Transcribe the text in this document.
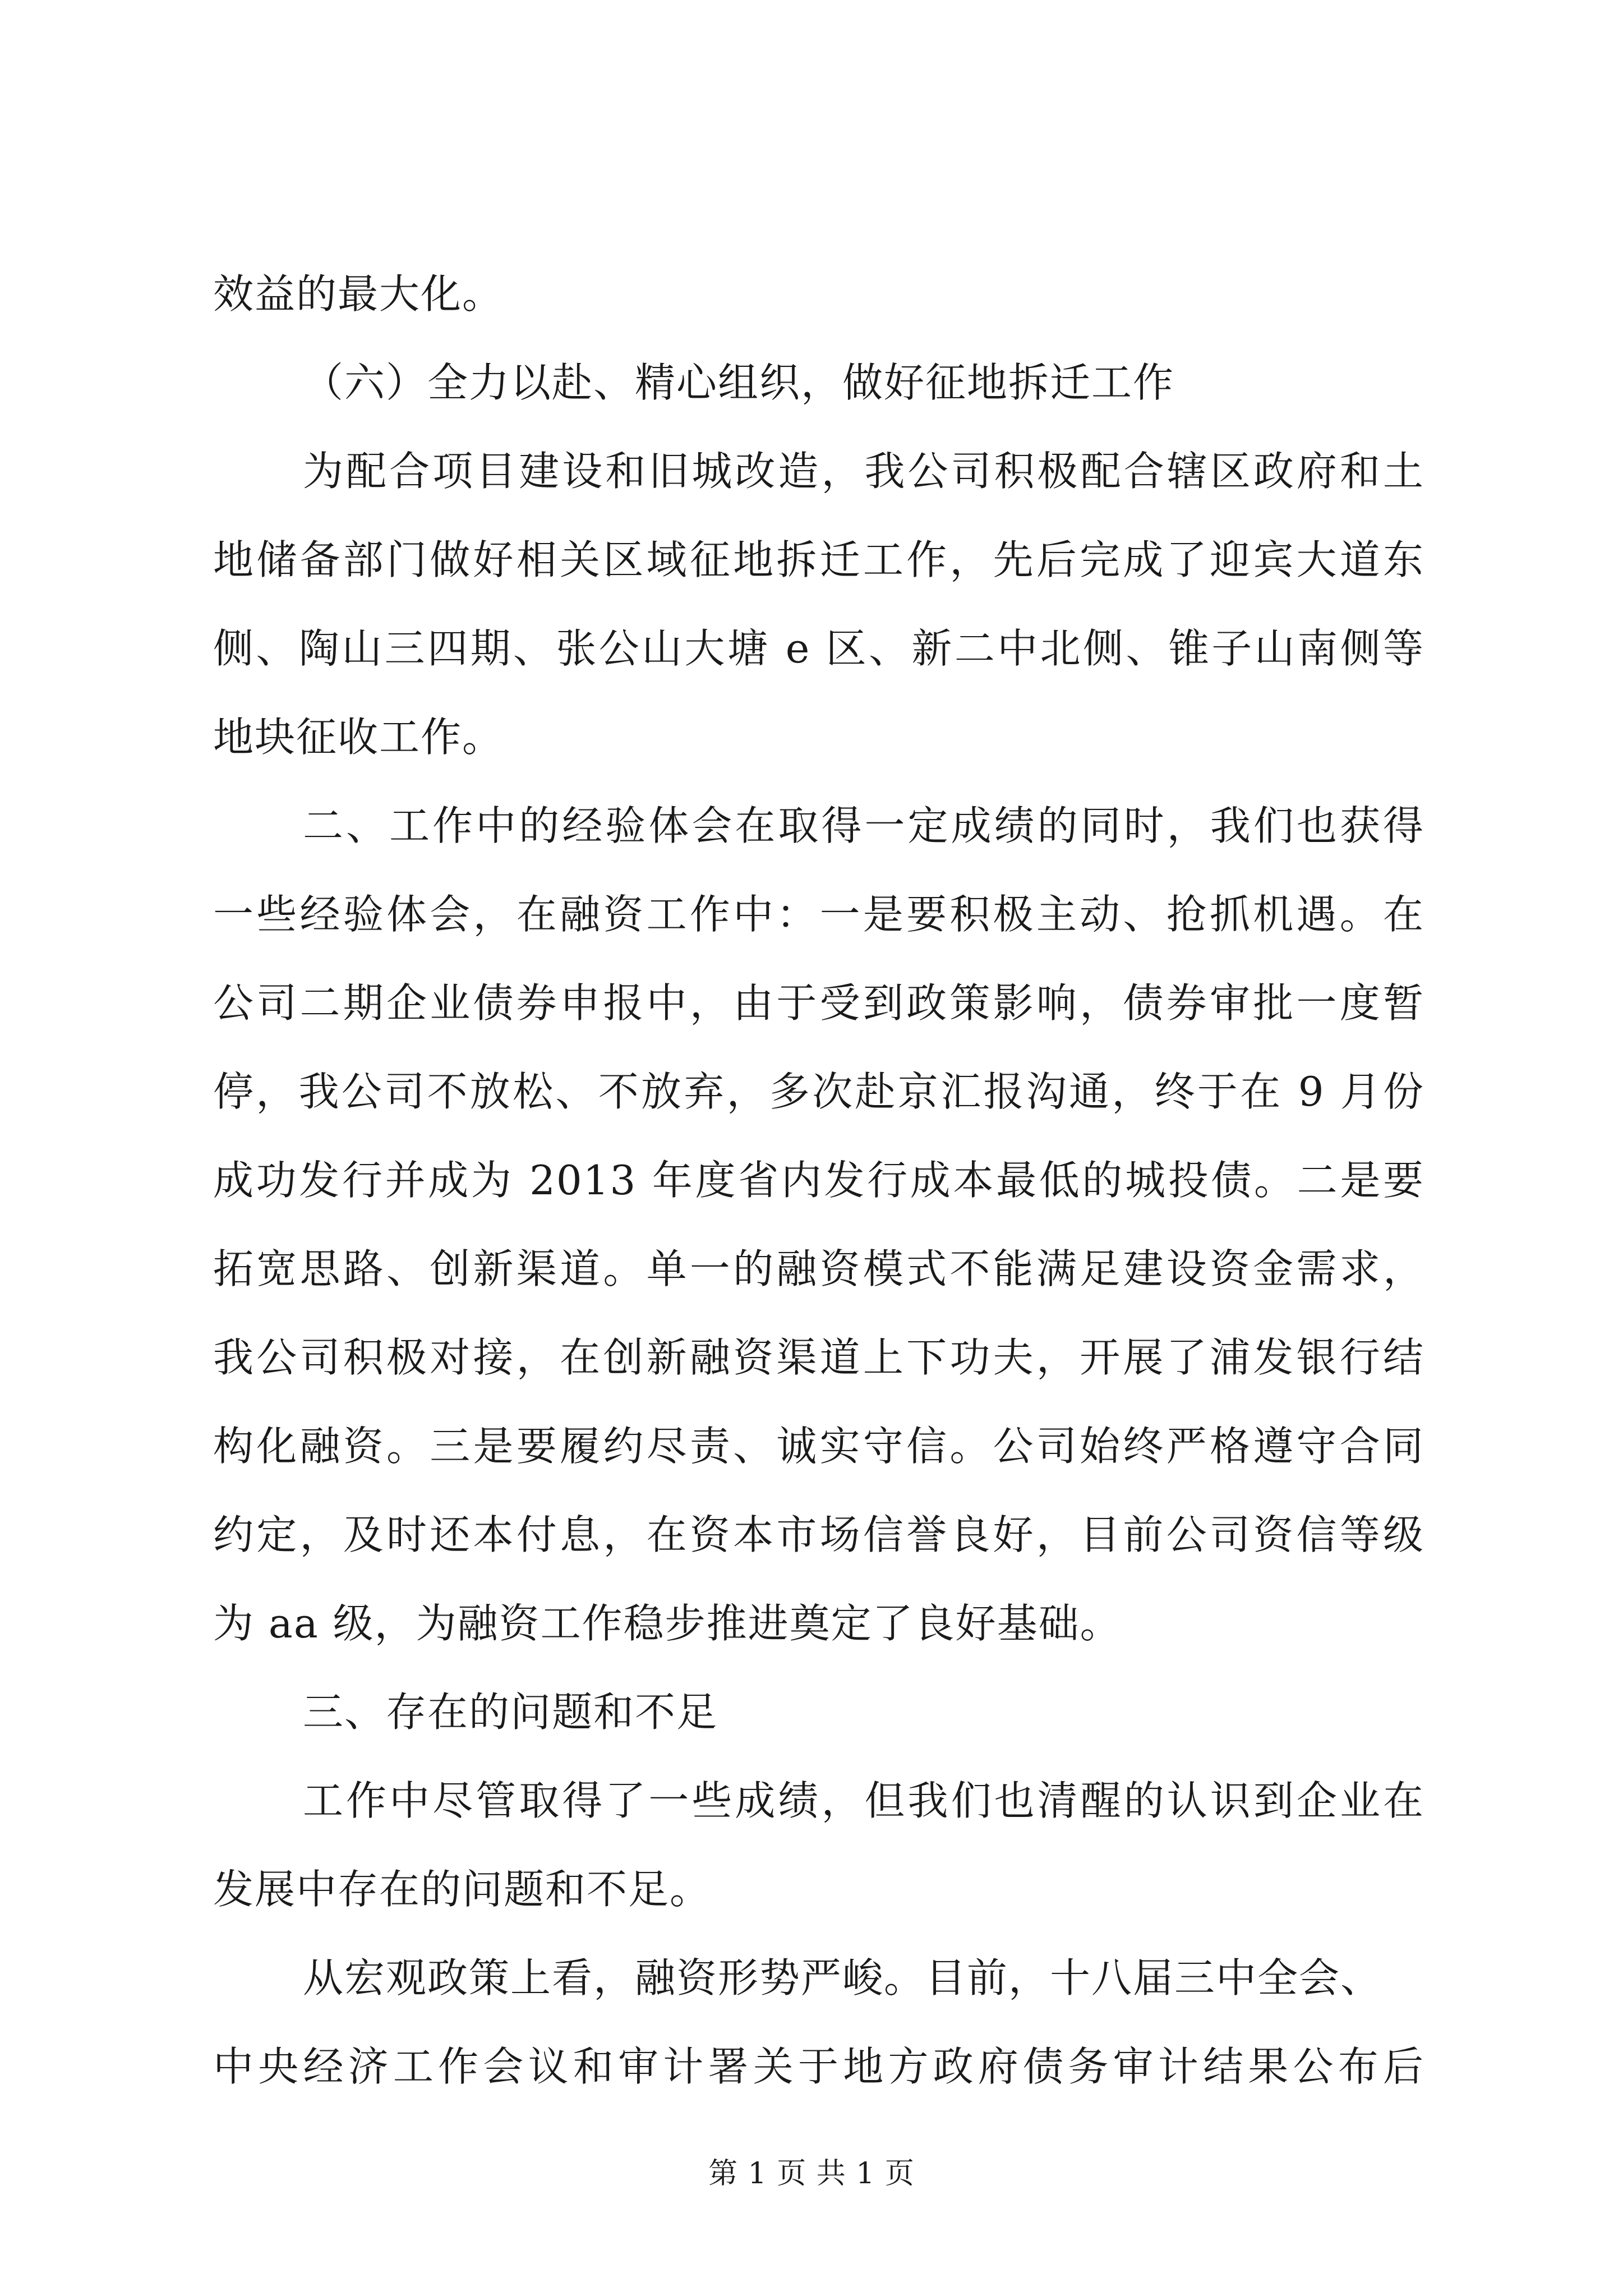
效益的最大化。
（六）全力以赴、精心组织，做好征地拆迁工作
为配合项目建设和旧城改造，我公司积极配合辖区政府和土
地储备部门做好相关区域征地拆迁工作，先后完成了迎宾大道东
侧、陶山三四期、张公山大塘 e 区、新二中北侧、锥子山南侧等
地块征收工作。
二、工作中的经验体会在取得一定成绩的同时，我们也获得
一些经验体会，在融资工作中：一是要积极主动、抢抓机遇。在
公司二期企业债券申报中，由于受到政策影响，债券审批一度暂
停，我公司不放松、不放弃，多次赴京汇报沟通，终于在 9 月份
成功发行并成为 2013 年度省内发行成本最低的城投债。二是要
拓宽思路、创新渠道。单一的融资模式不能满足建设资金需求，
我公司积极对接，在创新融资渠道上下功夫，开展了浦发银行结
构化融资。三是要履约尽责、诚实守信。公司始终严格遵守合同
约定，及时还本付息，在资本市场信誉良好，目前公司资信等级
为 aa 级，为融资工作稳步推进奠定了良好基础。
三、存在的问题和不足
工作中尽管取得了一些成绩，但我们也清醒的认识到企业在
发展中存在的问题和不足。
从宏观政策上看，融资形势严峻。目前，十八届三中全会、
中央经济工作会议和审计署关于地方政府债务审计结果公布后
第 1 页 共 1 页
